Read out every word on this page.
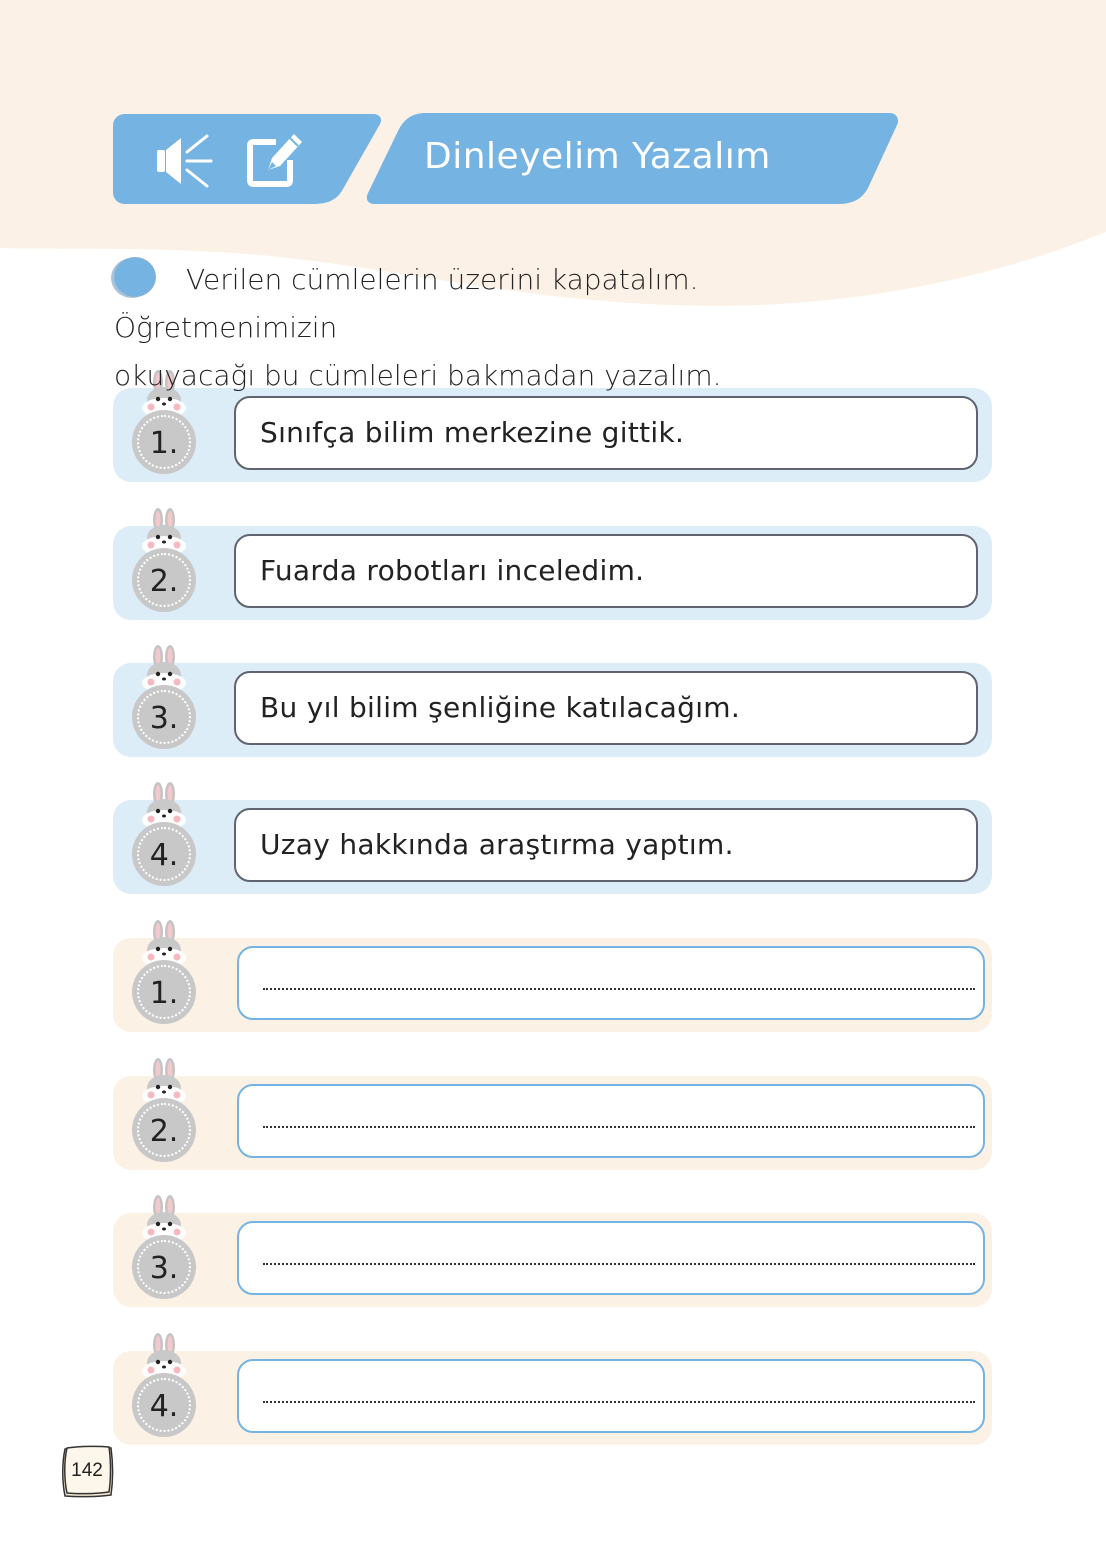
Dinleyelim Yazalım
Verilen cümlelerin üzerini kapatalım. Öğretmenimizin
okuyacağı bu cümleleri bakmadan yazalım.
1.	Sınıfça bilim merkezine gittik.
2.	Fuarda robotları inceledim.
3.	Bu yıl bilim şenliğine katılacağım.
4.	Uzay hakkında araştırma yaptım.
1.
2.
3.
4.
142
